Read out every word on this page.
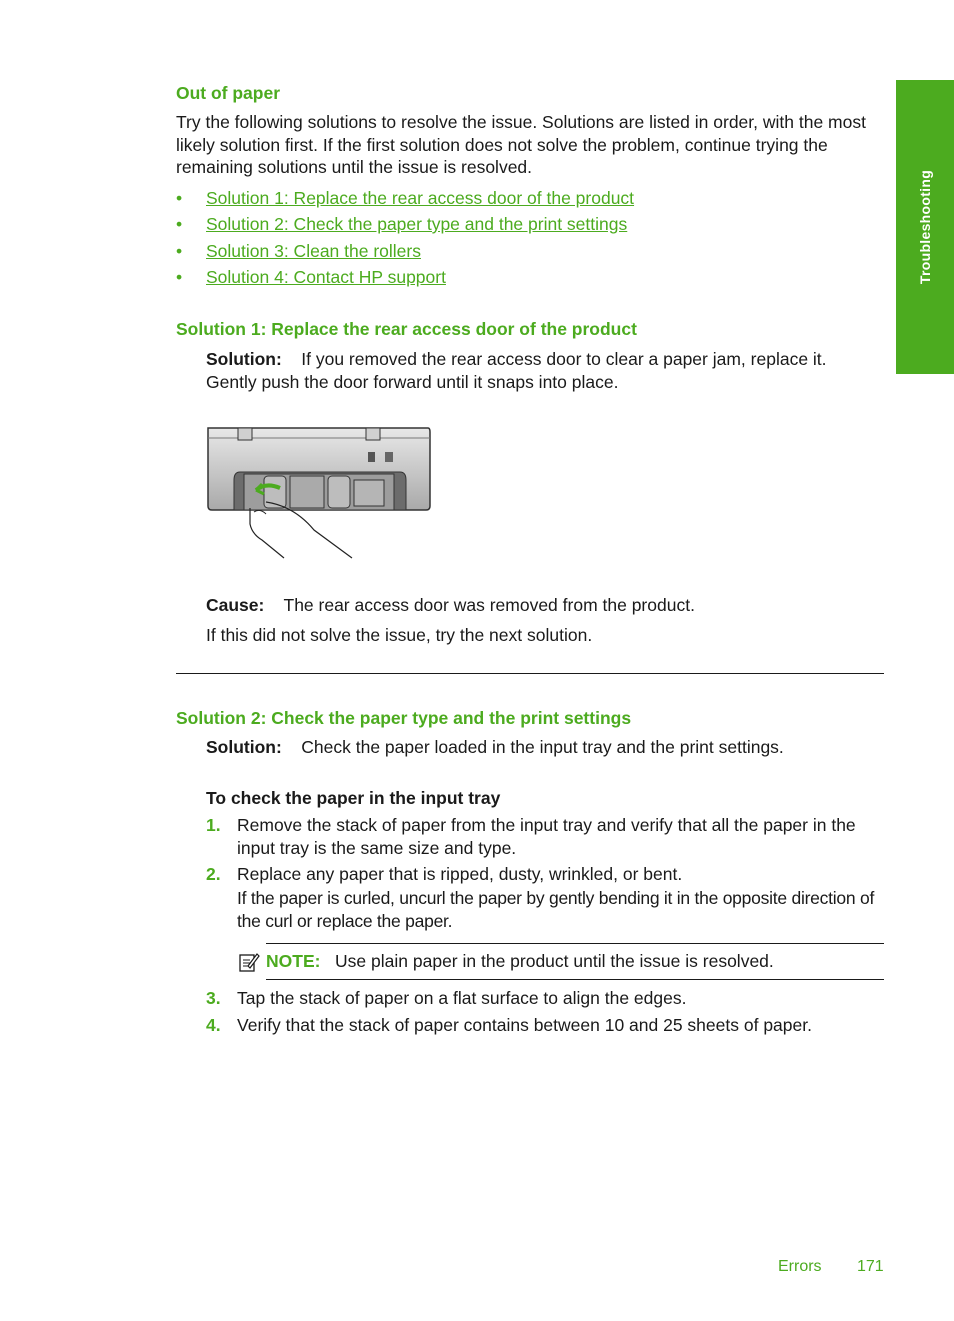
Troubleshooting
Out of paper
Try the following solutions to resolve the issue. Solutions are listed in order, with the most likely solution first. If the first solution does not solve the problem, continue trying the remaining solutions until the issue is resolved.
• Solution 1: Replace the rear access door of the product
• Solution 2: Check the paper type and the print settings
• Solution 3: Clean the rollers
• Solution 4: Contact HP support
Solution 1: Replace the rear access door of the product
Solution: If you removed the rear access door to clear a paper jam, replace it. Gently push the door forward until it snaps into place.
Cause: The rear access door was removed from the product.
If this did not solve the issue, try the next solution.
Solution 2: Check the paper type and the print settings
Solution: Check the paper loaded in the input tray and the print settings.
To check the paper in the input tray
1. Remove the stack of paper from the input tray and verify that all the paper in the input tray is the same size and type.
2. Replace any paper that is ripped, dusty, wrinkled, or bent.
If the paper is curled, uncurl the paper by gently bending it in the opposite direction of the curl or replace the paper.
NOTE: Use plain paper in the product until the issue is resolved.
3. Tap the stack of paper on a flat surface to align the edges.
4. Verify that the stack of paper contains between 10 and 25 sheets of paper.
Errors 171
